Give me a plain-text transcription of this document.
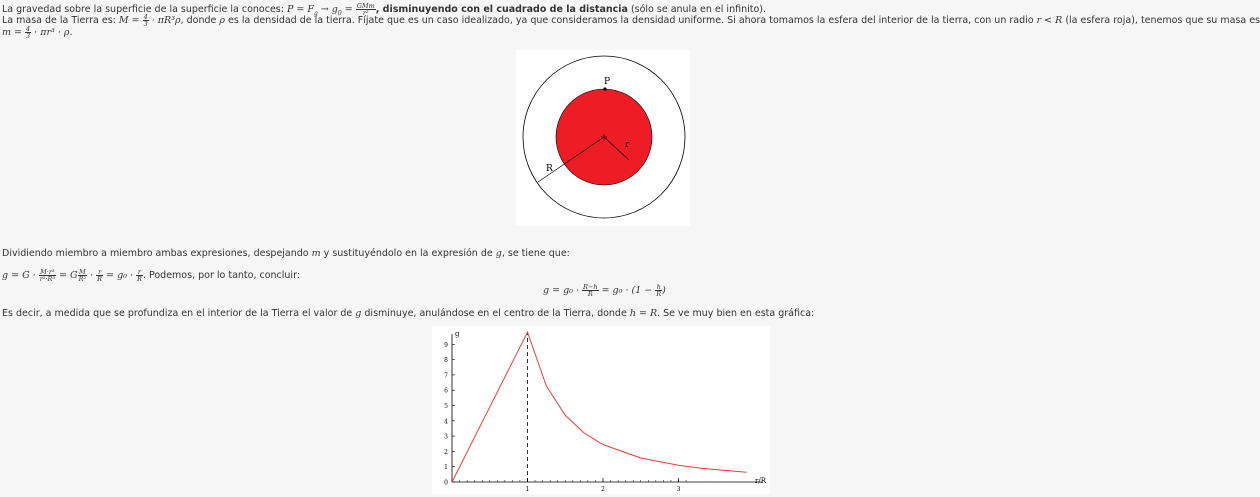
La gravedad sobre la superficie de la superficie la conoces: $P = F_g \to g_0 = \frac{\text{GMm}}{\text{r²}}$ , disminuyendo con el cuadrado de la distancia (sólo se anula en el infinito).
La masa de la Tierra es: $M = \frac{4}{3} \cdot \pi R^3\rho$, donde ρ es la densidad de la tierra. Fíjate que es un caso idealizado, ya que consideramos la densidad uniforme. Si ahora tomamos la esfera del interior de la tierra, con un radio r < R (la esfera roja), tenemos que su masa es
$m = \frac{4}{3} \cdot \pi r^3 \cdot \rho$.
P
r
R
Dividiendo miembro a miembro ambas expresiones, despejando m y sustituyéndolo en la expresión de g, se tiene que:
$g = G \cdot \frac{\text{M·r³}}{\text{r²·R³}} = G \frac{M}{\text{R²}} \cdot \frac{r}{R} = g_0 \cdot \frac{r}{R}$ . Podemos, por lo tanto, concluir:
$g = g_0 \cdot \frac{R-h}{R} = g_0 \cdot (1 - \frac{h}{R}$ )
Es decir, a medida que se profundiza en el interior de la Tierra el valor de g disminuye, anulándose en el centro de la Tierra, donde h = R. Se ve muy bien en esta gráfica:
0
1
2
3
4
5
6
7
8
9
1	2	3
g
r/R
